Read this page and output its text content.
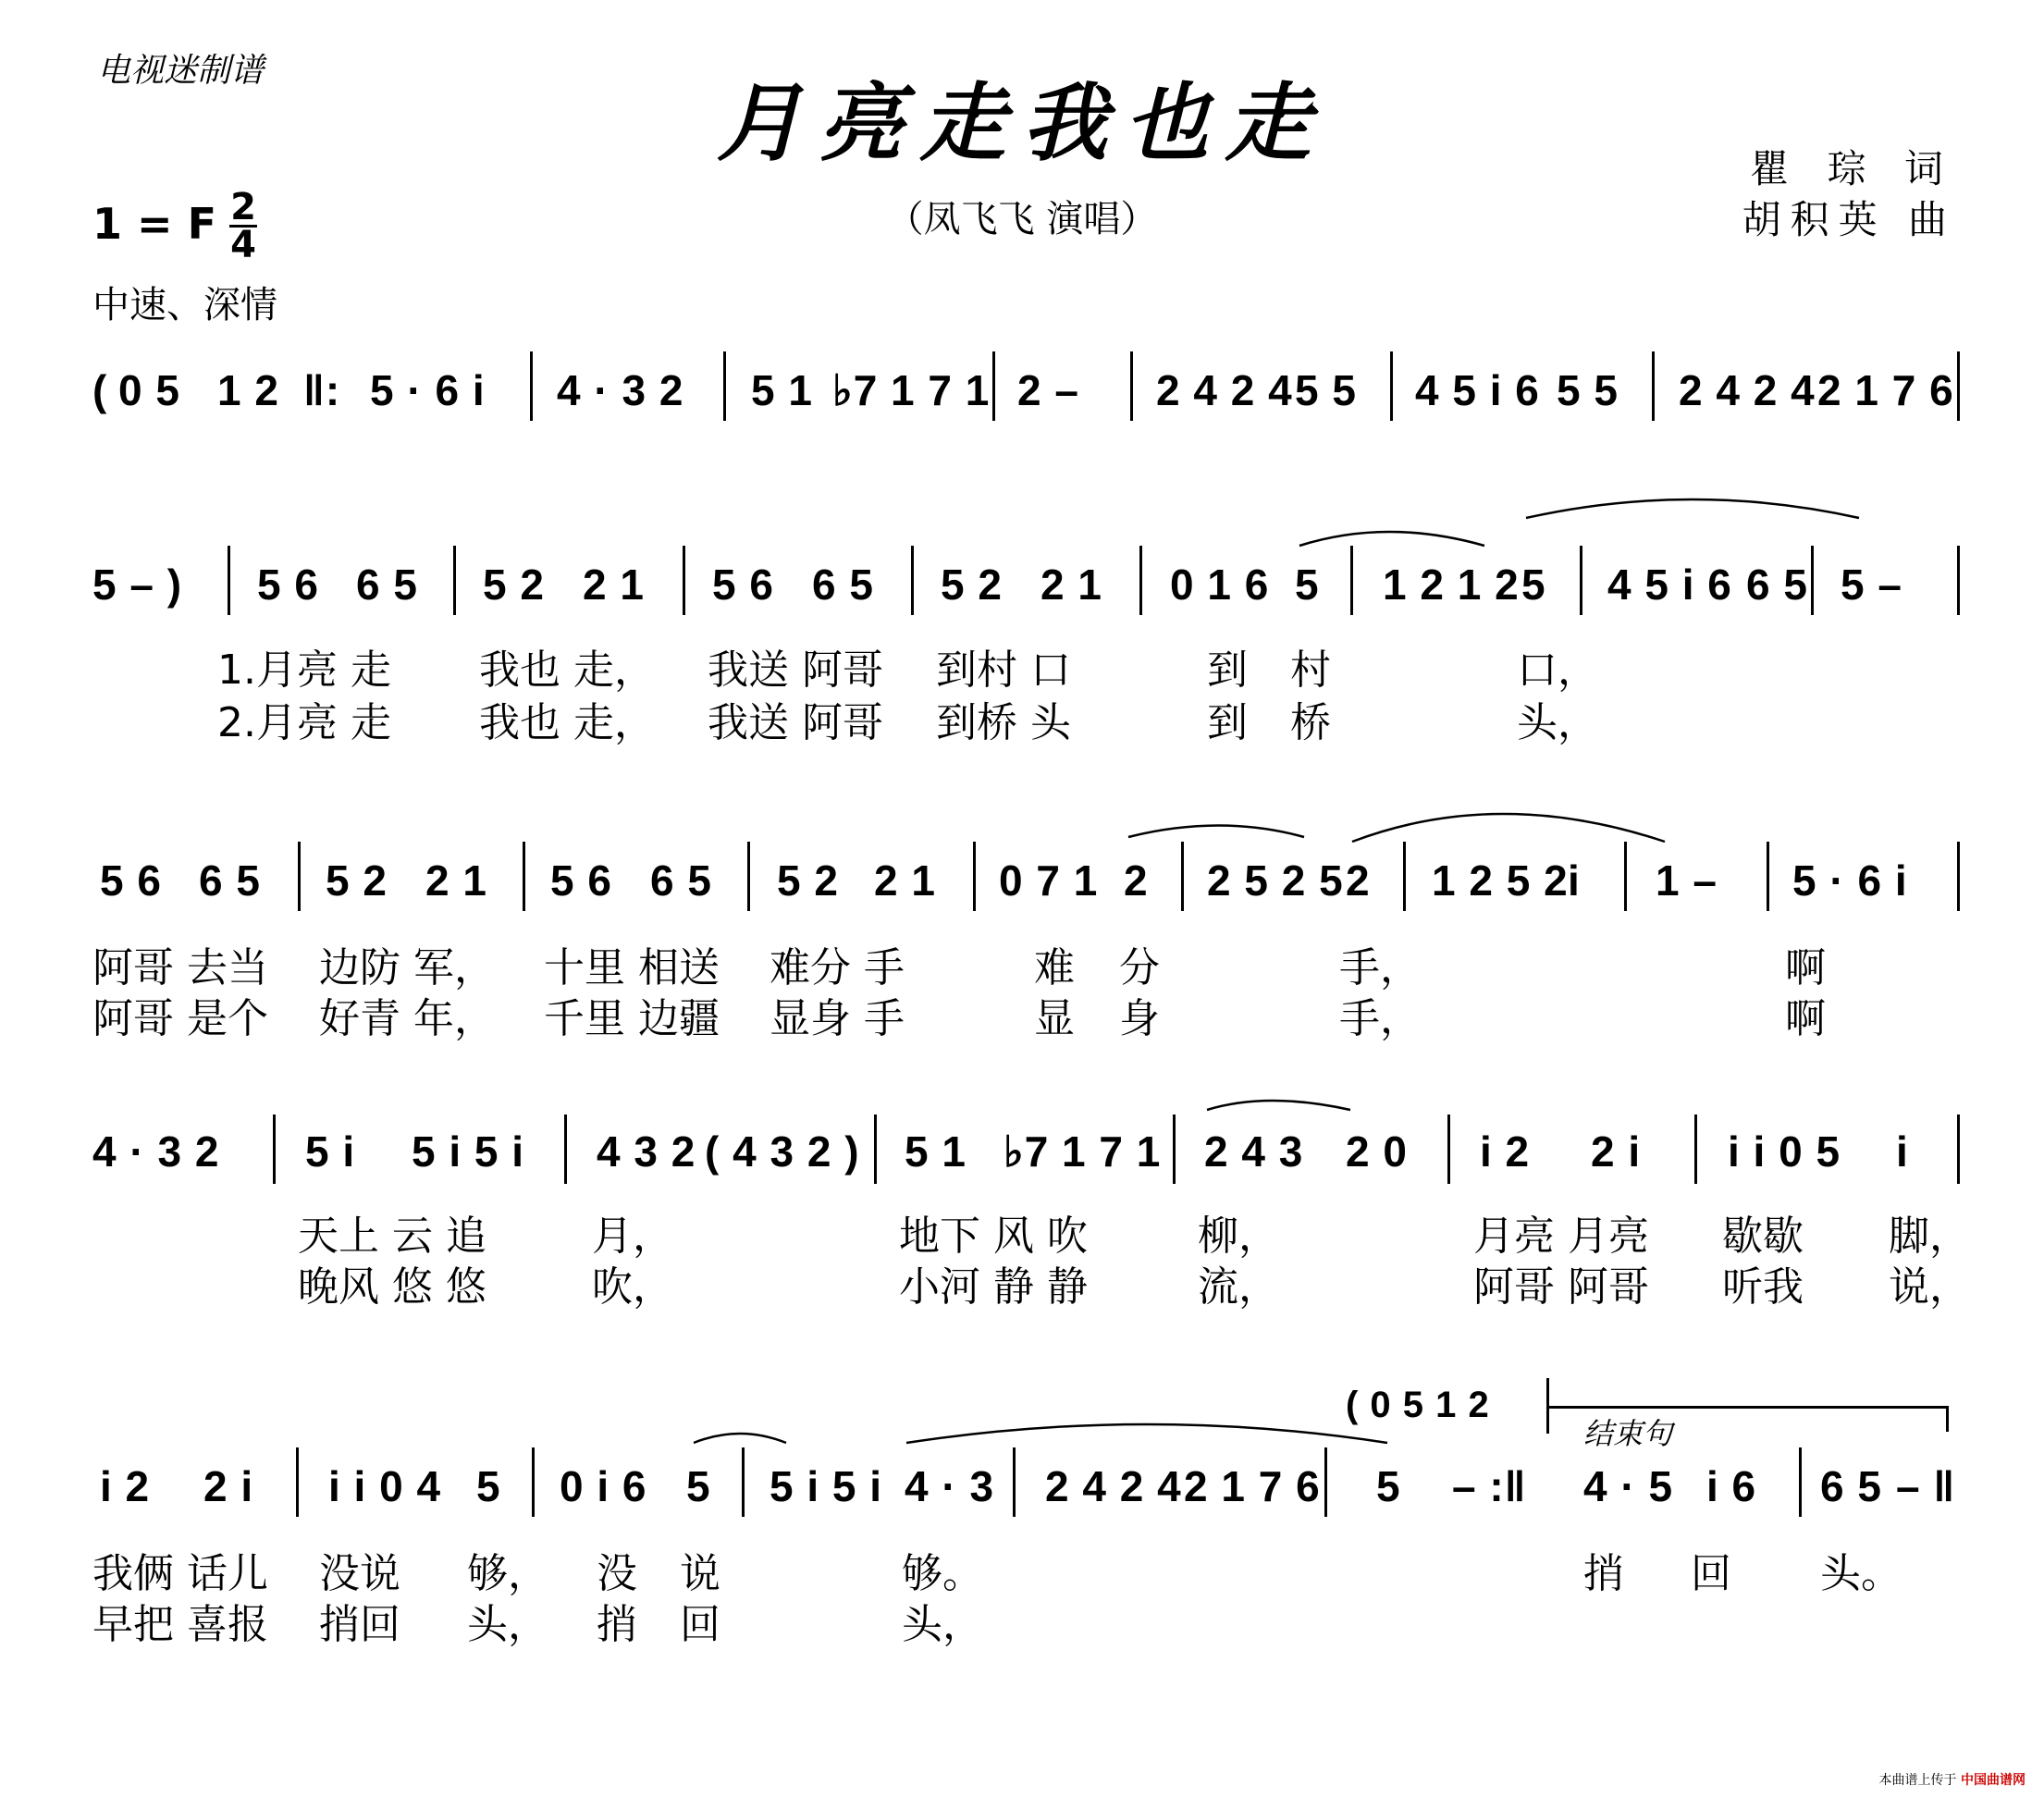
电视迷制谱
月亮走我也走
（凤飞飞 演唱）
瞿 琮 词
胡积英 曲
1 = F 2
4
中速、深情
( 0 5 1 2 ‖: 5 · 6 i 4 · 3 2 5 1 ♭7 1 7 1 2 – 2 4 2 4 5 5 4 5 i 6 5 5 2 4 2 4 2 1 7 6
5 – ) 5 6 6 5 5 2 2 1 5 6 6 5 5 2 2 1 0 1 6 5 1 2 1 2 5 4 5 i 6 6 5 5 –
1.月亮 走 我也 走， 我送 阿哥 到村 口	到 村	口，
2.月亮 走 我也 走， 我送 阿哥 到桥 头	到 桥	头，
5 6 6 5 5 2 2 1 5 6 6 5 5 2 2 1 0 7 1 2 2 5 2 5 2 1 2 5 2 i 1 – 5 · 6 i
阿哥 去当 边防 军， 十里 相送 难分 手	难 分	手，	啊
阿哥 是个 好青 年， 千里 边疆 显身 手	显 身	手，	啊
4 · 3 2 5 i 5 i 5 i 4 3 2 ( 4 3 2 ) 5 1 ♭7 1 7 1 2 4 3 2 0 i 2 2 i i i 0 5 i
天上 云 追	月，	地下 风 吹	柳，	月亮 月亮 歇歇 脚，
晚风 悠 悠	吹，	小河 静 静	流，	阿哥 阿哥 听我 说，
( 0 5 1 2
结束句
i 2 2 i i i 0 4 5 0 i 6 5 5 i 5 i 4 · 3 2 4 2 4 2 1 7 6 5 – :‖ 4 · 5 i 6 6 5 – ‖
我俩 话儿 没说 够， 没 说	够。	捎 回 头。
早把 喜报 捎回 头， 捎 回	头，
本曲谱上传于 中国曲谱网
